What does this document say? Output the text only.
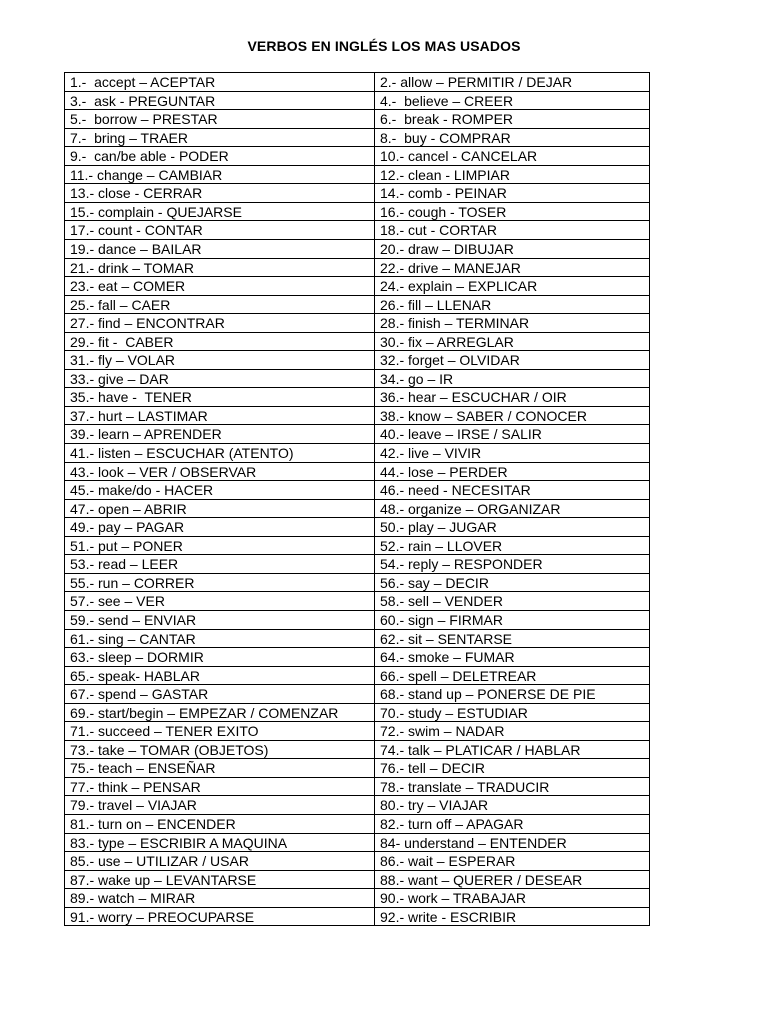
VERBOS EN INGLÉS LOS MAS USADOS
1.-  accept – ACEPTAR	2.- allow – PERMITIR / DEJAR
3.-  ask - PREGUNTAR	4.-  believe – CREER
5.-  borrow – PRESTAR	6.-  break - ROMPER
7.-  bring – TRAER	8.-  buy - COMPRAR
9.-  can/be able - PODER	10.- cancel - CANCELAR
11.- change – CAMBIAR	12.- clean - LIMPIAR
13.- close - CERRAR	14.- comb - PEINAR
15.- complain - QUEJARSE	16.- cough - TOSER
17.- count - CONTAR	18.- cut - CORTAR
19.- dance – BAILAR	20.- draw – DIBUJAR
21.- drink – TOMAR	22.- drive – MANEJAR
23.- eat – COMER	24.- explain – EXPLICAR
25.- fall – CAER	26.- fill – LLENAR
27.- find – ENCONTRAR	28.- finish – TERMINAR
29.- fit -  CABER	30.- fix – ARREGLAR
31.- fly – VOLAR	32.- forget – OLVIDAR
33.- give – DAR	34.- go – IR
35.- have -  TENER	36.- hear – ESCUCHAR / OIR
37.- hurt – LASTIMAR	38.- know – SABER / CONOCER
39.- learn – APRENDER	40.- leave – IRSE / SALIR
41.- listen – ESCUCHAR (ATENTO)	42.- live – VIVIR
43.- look – VER / OBSERVAR	44.- lose – PERDER
45.- make/do - HACER	46.- need - NECESITAR
47.- open – ABRIR	48.- organize – ORGANIZAR
49.- pay – PAGAR	50.- play – JUGAR
51.- put – PONER	52.- rain – LLOVER
53.- read – LEER	54.- reply – RESPONDER
55.- run – CORRER	56.- say – DECIR
57.- see – VER	58.- sell – VENDER
59.- send – ENVIAR	60.- sign – FIRMAR
61.- sing – CANTAR	62.- sit – SENTARSE
63.- sleep – DORMIR	64.- smoke – FUMAR
65.- speak- HABLAR	66.- spell – DELETREAR
67.- spend – GASTAR	68.- stand up – PONERSE DE PIE
69.- start/begin – EMPEZAR / COMENZAR	70.- study – ESTUDIAR
71.- succeed – TENER EXITO	72.- swim – NADAR
73.- take – TOMAR (OBJETOS)	74.- talk – PLATICAR / HABLAR
75.- teach – ENSEÑAR	76.- tell – DECIR
77.- think – PENSAR	78.- translate – TRADUCIR
79.- travel – VIAJAR	80.- try – VIAJAR
81.- turn on – ENCENDER	82.- turn off – APAGAR
83.- type – ESCRIBIR A MAQUINA	84- understand – ENTENDER
85.- use – UTILIZAR / USAR	86.- wait – ESPERAR
87.- wake up – LEVANTARSE	88.- want – QUERER / DESEAR
89.- watch – MIRAR	90.- work – TRABAJAR
91.- worry – PREOCUPARSE	92.- write - ESCRIBIR
